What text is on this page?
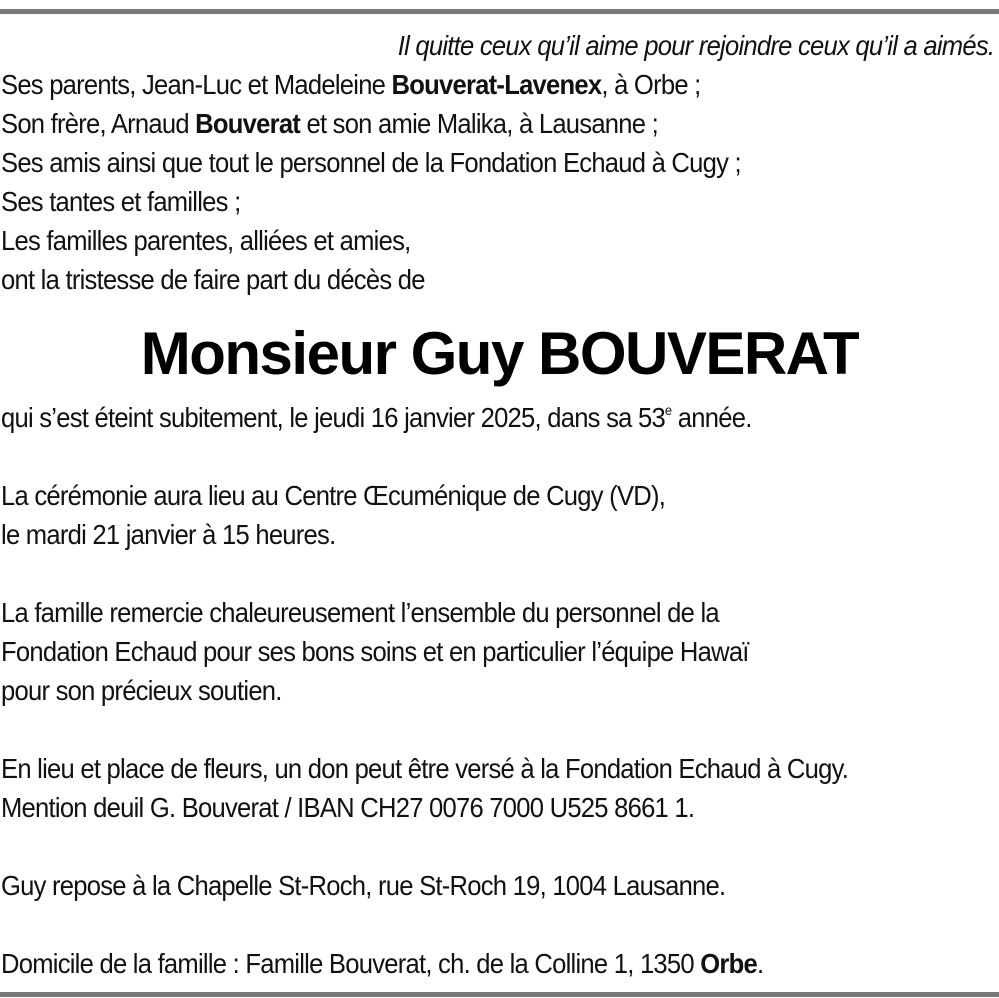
Il quitte ceux qu’il aime pour rejoindre ceux qu’il a aimés.
Ses parents, Jean-Luc et Madeleine Bouverat-Lavenex, à Orbe ;
Son frère, Arnaud Bouverat et son amie Malika, à Lausanne ;
Ses amis ainsi que tout le personnel de la Fondation Echaud à Cugy ;
Ses tantes et familles ;
Les familles parentes, alliées et amies,
ont la tristesse de faire part du décès de
Monsieur Guy BOUVERAT
qui s’est éteint subitement, le jeudi 16 janvier 2025, dans sa 53e année.
La cérémonie aura lieu au Centre Œcuménique de Cugy (VD),
le mardi 21 janvier à 15 heures.
La famille remercie chaleureusement l’ensemble du personnel de la
Fondation Echaud pour ses bons soins et en particulier l’équipe Hawaï
pour son précieux soutien.
En lieu et place de fleurs, un don peut être versé à la Fondation Echaud à Cugy.
Mention deuil G. Bouverat / IBAN CH27 0076 7000 U525 8661 1.
Guy repose à la Chapelle St-Roch, rue St-Roch 19, 1004 Lausanne.
Domicile de la famille : Famille Bouverat, ch. de la Colline 1, 1350 Orbe.
